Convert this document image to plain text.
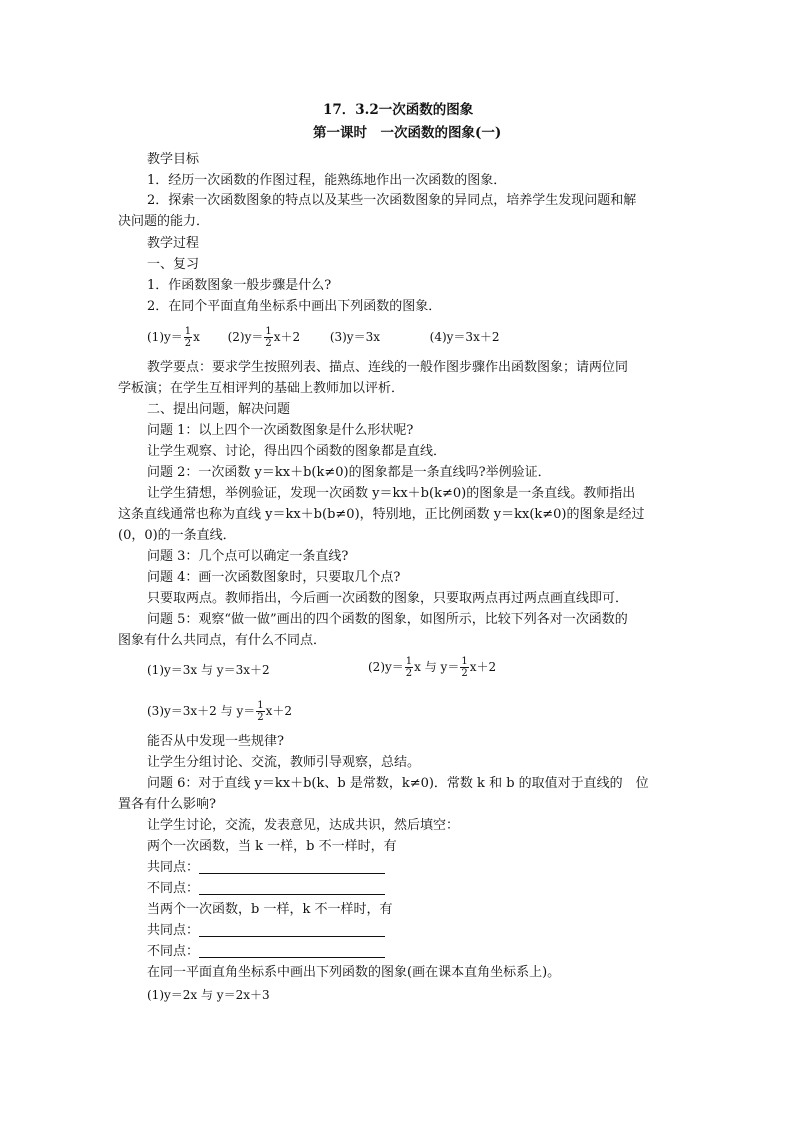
17．3.2一次函数的图象
第一课时　一次函数的图象(一)
教学目标
1．经历一次函数的作图过程，能熟练地作出一次函数的图象．
2．探索一次函数图象的特点以及某些一次函数图象的异同点，培养学生发现问题和解
决问题的能力．
教学过程
一、复习
1．作函数图象一般步骤是什么?
2．在同个平面直角坐标系中画出下列函数的图象．
$(1)y= \frac{1}{2}$ x $(2)y= \frac{1}{2} x+2$ (3)y＝3x	(4)y＝3x＋2
教学要点：要求学生按照列表、描点、连线的一般作图步骤作出函数图象；请两位同
学板演；在学生互相评判的基础上教师加以评析．
二、提出问题，解决问题
问题 1：以上四个一次函数图象是什么形状呢?
让学生观察、讨论，得出四个函数的图象都是直线．
问题 2：一次函数 y＝kx＋b(k≠0)的图象都是一条直线吗?举例验证．
让学生猜想，举例验证，发现一次函数 y＝kx＋b(k≠0)的图象是一条直线。教师指出
这条直线通常也称为直线 y＝kx＋b(b≠0)，特别地，正比例函数 y＝kx(k≠0)的图象是经过
(0，0)的一条直线．
问题 3：几个点可以确定一条直线?
问题 4：画一次函数图象时，只要取几个点?
只要取两点。教师指出，今后画一次函数的图象，只要取两点再过两点画直线即可．
问题 5：观察“做一做”画出的四个函数的图象，如图所示，比较下列各对一次函数的
图象有什么共同点，有什么不同点．
(1)y＝3x 与 y＝3x＋2	$(2)y= \frac{1}{2}$ x 与 $y= \frac{1}{2} x+2$
(3)y＝3x＋2 与 $y= \frac{1}{2} x+2$
能否从中发现一些规律?
让学生分组讨论、交流，教师引导观察，总结。
问题 6：对于直线 y＝kx＋b(k、b 是常数，k≠0)．常数 k 和 b 的取值对于直线的　位
置各有什么影响?
让学生讨论，交流，发表意见，达成共识，然后填空：
两个一次函数，当 k 一样，b 不一样时，有
共同点：
不同点：
当两个一次函数，b 一样，k 不一样时，有
共同点：
不同点：
在同一平面直角坐标系中画出下列函数的图象(画在课本直角坐标系上)。
(1)y＝2x 与 y＝2x＋3
